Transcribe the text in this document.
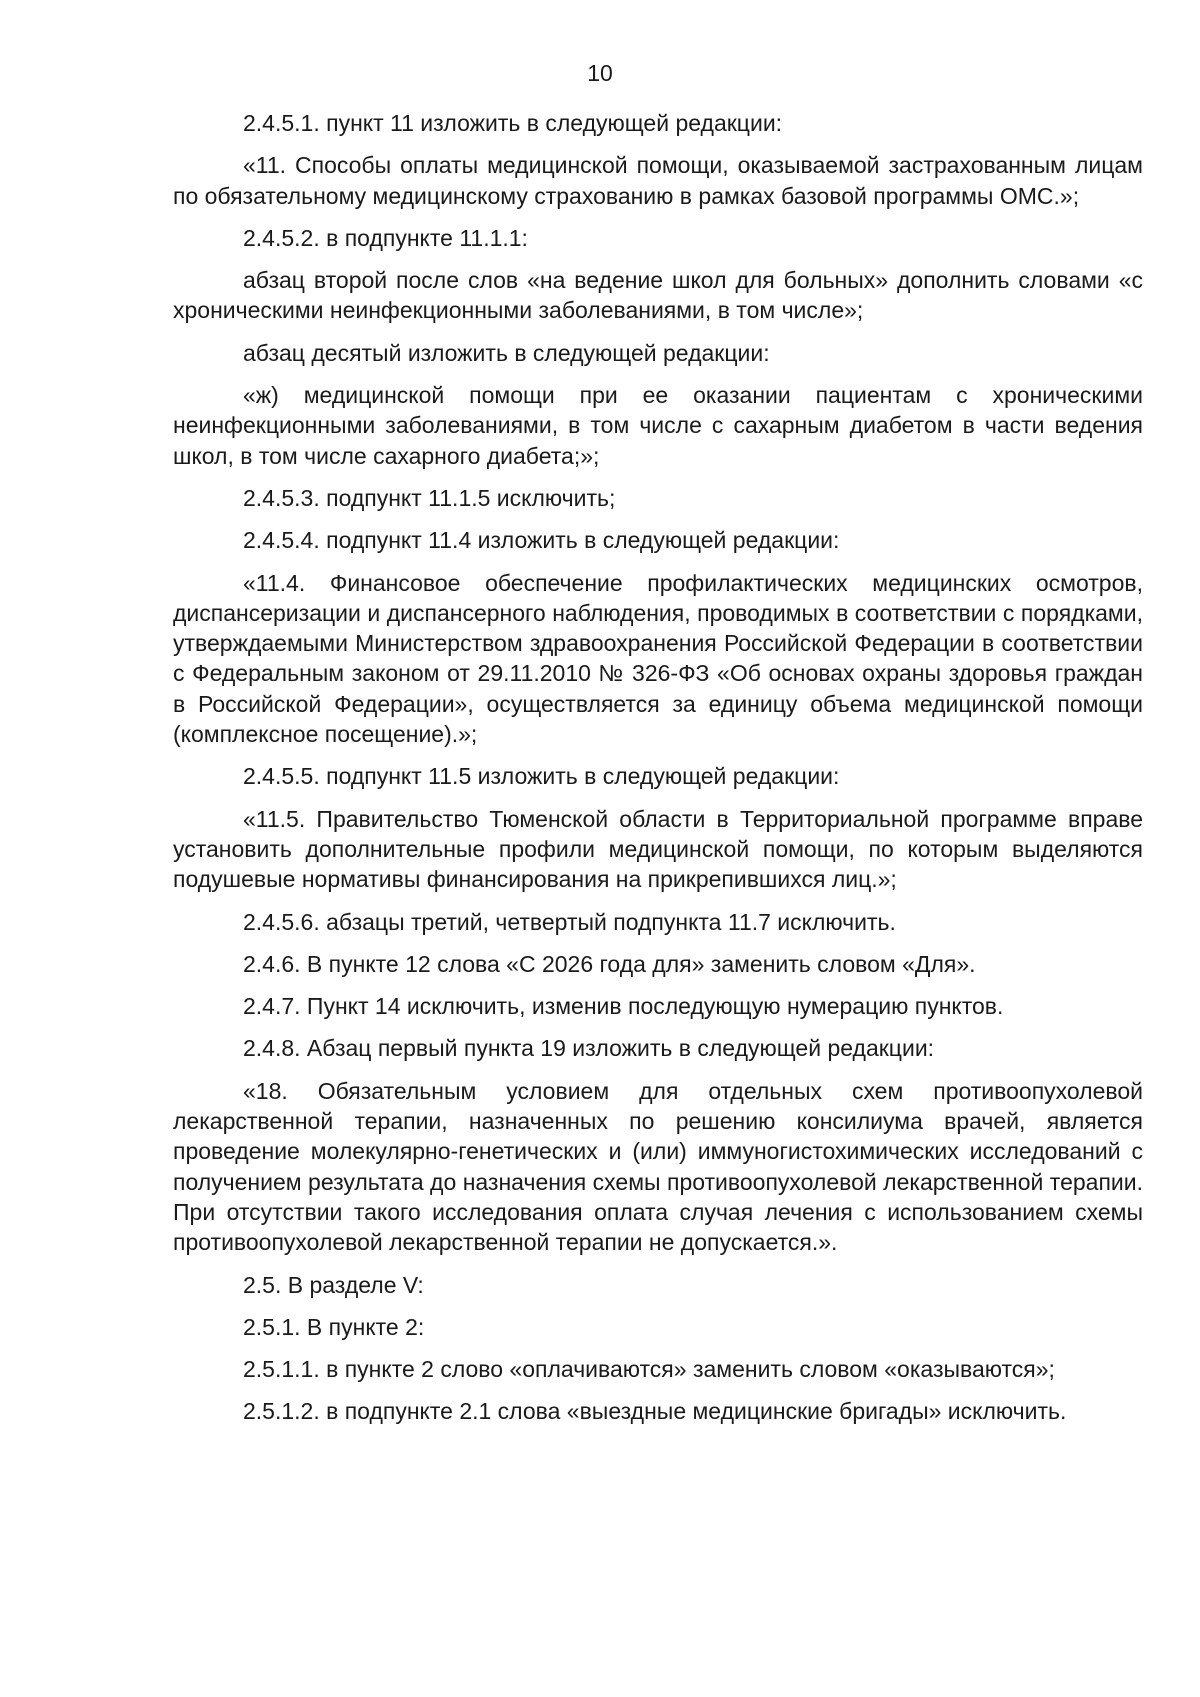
10

2.4.5.1. пункт 11 изложить в следующей редакции:

«11. Способы оплаты медицинской помощи, оказываемой застрахованным лицам по обязательному медицинскому страхованию в рамках базовой программы ОМС.»;

2.4.5.2. в подпункте 11.1.1:

абзац второй после слов «на ведение школ для больных» дополнить словами «с хроническими неинфекционными заболеваниями, в том числе»;

абзац десятый изложить в следующей редакции:

«ж) медицинской помощи при ее оказании пациентам с хроническими неинфекционными заболеваниями, в том числе с сахарным диабетом в части ведения школ, в том числе сахарного диабета;»;

2.4.5.3. подпункт 11.1.5 исключить;

2.4.5.4. подпункт 11.4 изложить в следующей редакции:

«11.4. Финансовое обеспечение профилактических медицинских осмотров, диспансеризации и диспансерного наблюдения, проводимых в соответствии с порядками, утверждаемыми Министерством здравоохранения Российской Федерации в соответствии с Федеральным законом от 29.11.2010 № 326-ФЗ «Об основах охраны здоровья граждан в Российской Федерации», осуществляется за единицу объема медицинской помощи (комплексное посещение).»;

2.4.5.5. подпункт 11.5 изложить в следующей редакции:

«11.5. Правительство Тюменской области в Территориальной программе вправе установить дополнительные профили медицинской помощи, по которым выделяются подушевые нормативы финансирования на прикрепившихся лиц.»;

2.4.5.6. абзацы третий, четвертый подпункта 11.7 исключить.

2.4.6. В пункте 12 слова «С 2026 года для» заменить словом «Для».

2.4.7. Пункт 14 исключить, изменив последующую нумерацию пунктов.

2.4.8. Абзац первый пункта 19 изложить в следующей редакции:

«18. Обязательным условием для отдельных схем противоопухолевой лекарственной терапии, назначенных по решению консилиума врачей, является проведение молекулярно-генетических и (или) иммуногистохимических исследований с получением результата до назначения схемы противоопухолевой лекарственной терапии. При отсутствии такого исследования оплата случая лечения с использованием схемы противоопухолевой лекарственной терапии не допускается.».

2.5. В разделе V:

2.5.1. В пункте 2:

2.5.1.1. в пункте 2 слово «оплачиваются» заменить словом «оказываются»;

2.5.1.2. в подпункте 2.1 слова «выездные медицинские бригады» исключить.
